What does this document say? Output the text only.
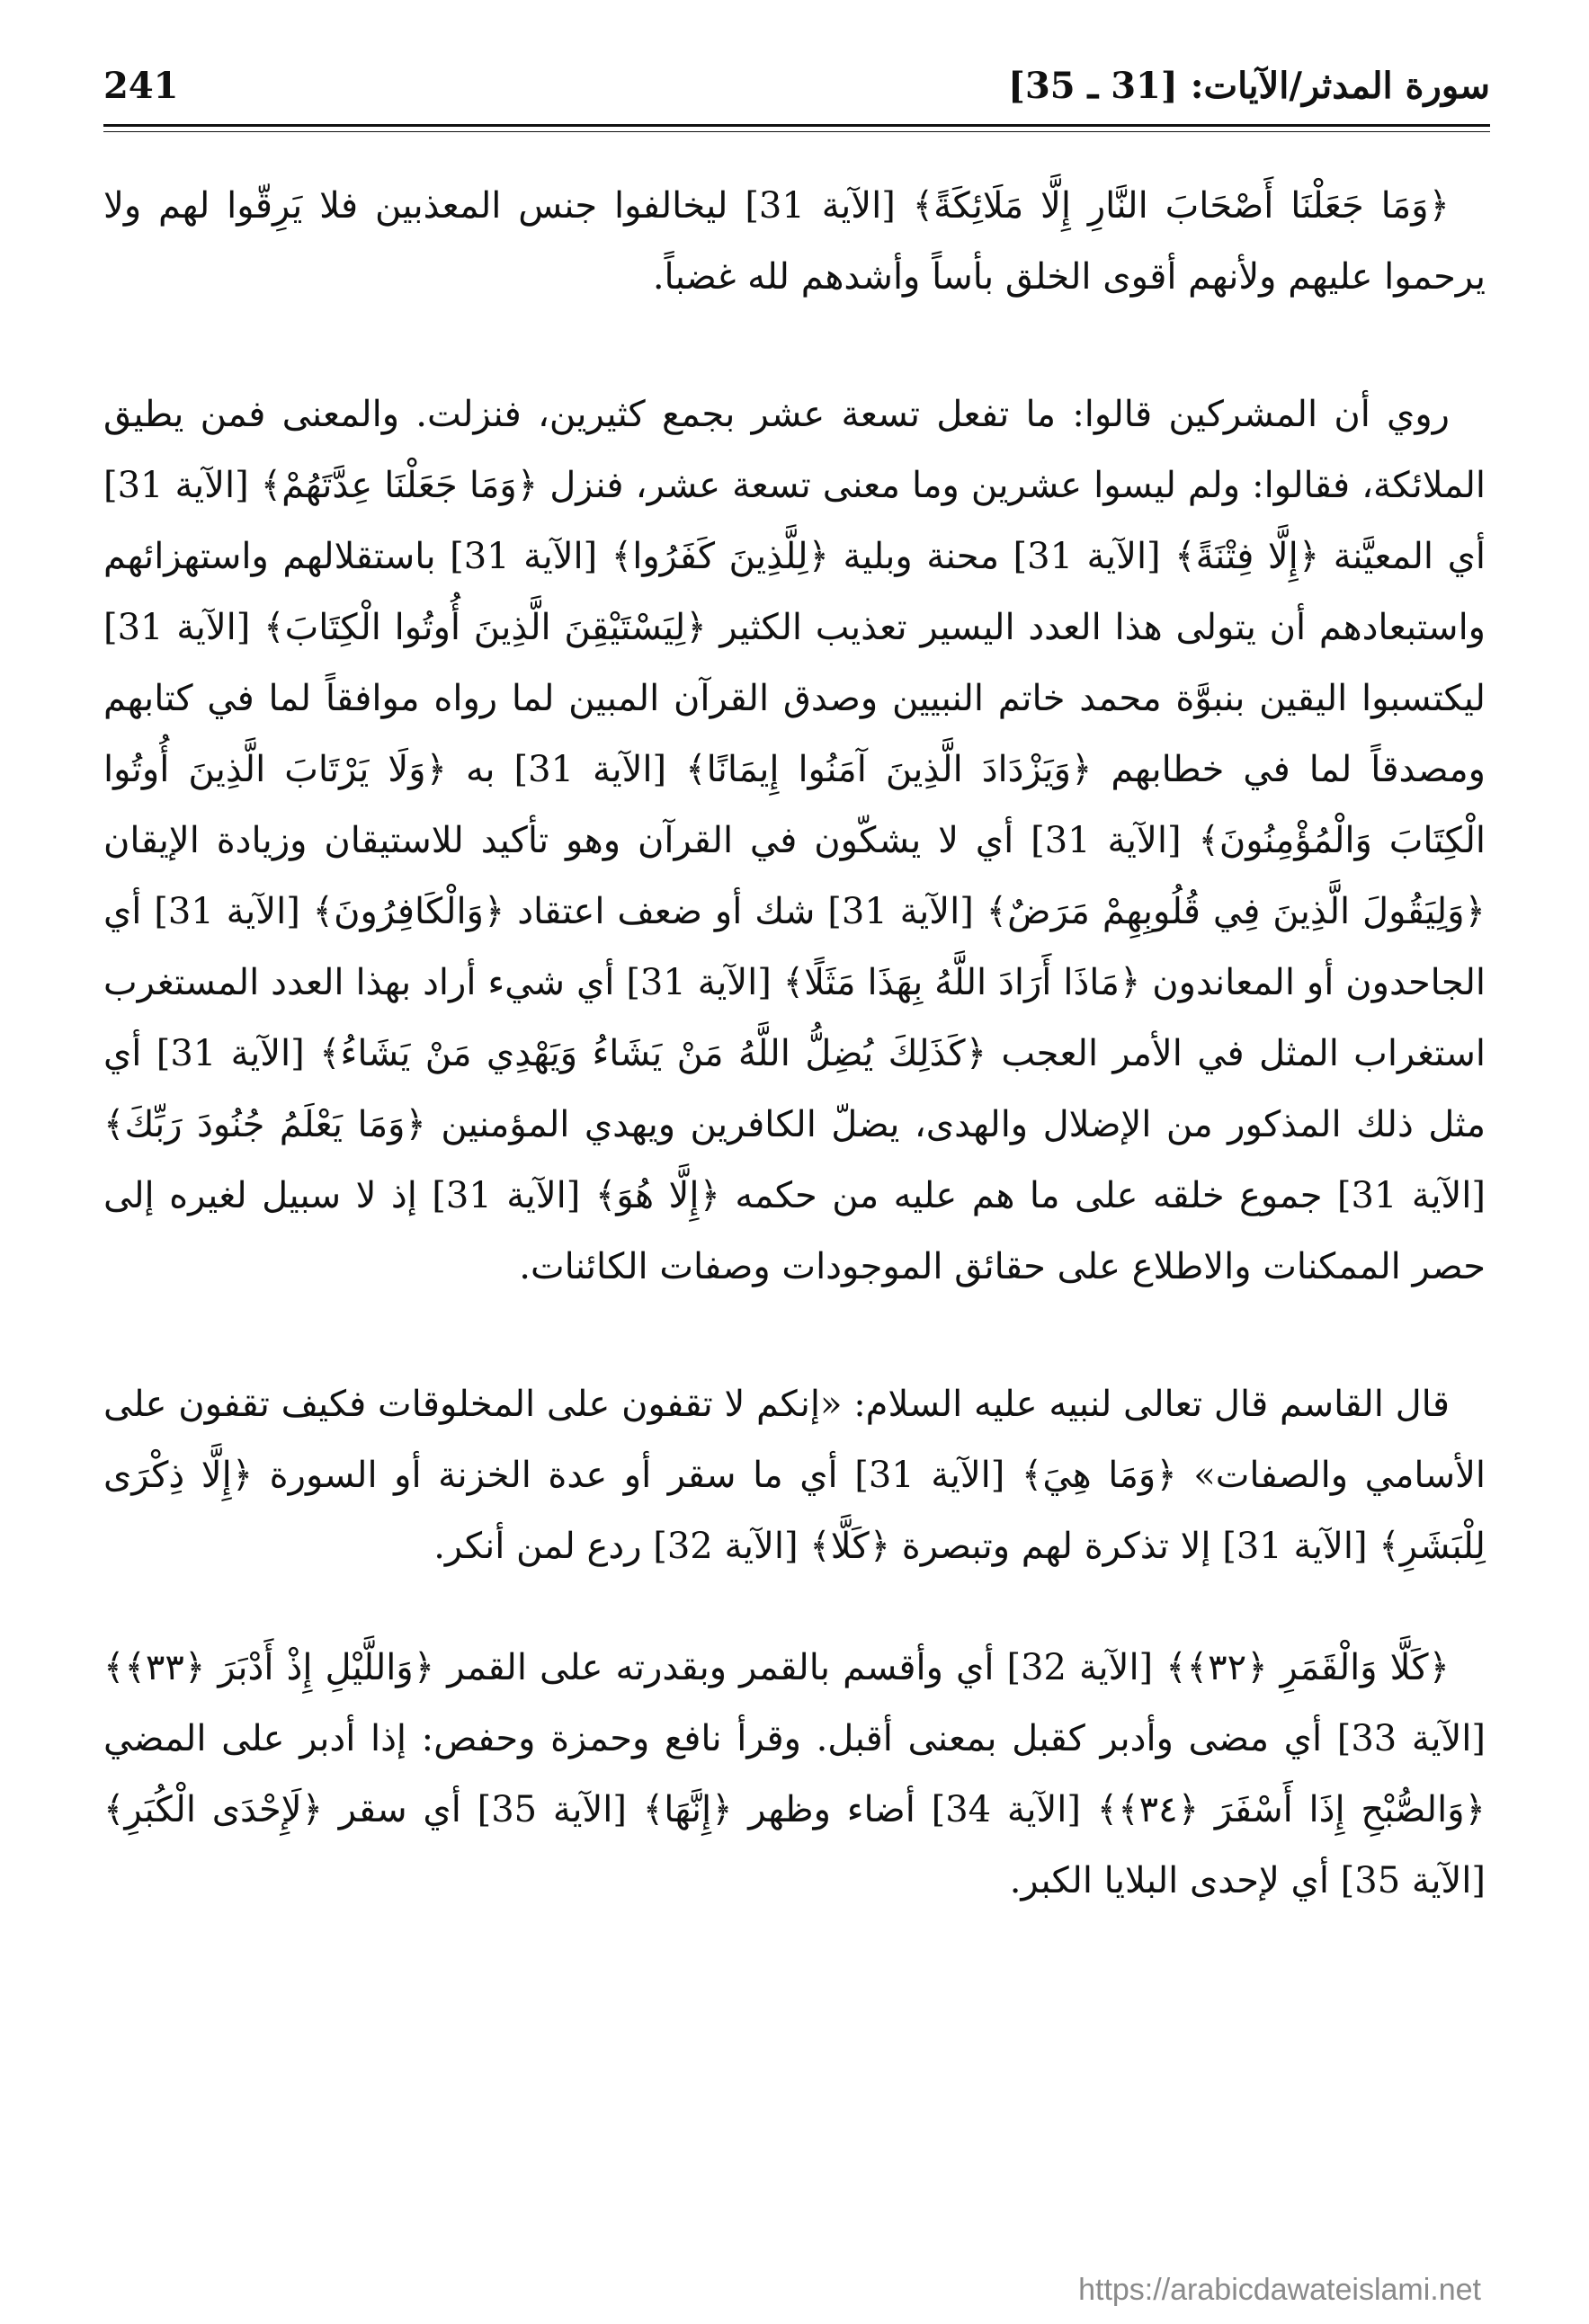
سورة المدثر/الآيات: [31 ـ 35]
241

﴿وَمَا جَعَلْنَا أَصْحَابَ النَّارِ إِلَّا مَلَائِكَةً﴾ [الآية 31] ليخالفوا جنس المعذبين فلا يَرِقّوا لهم ولا يرحموا عليهم ولأنهم أقوى الخلق بأساً وأشدهم لله غضباً.

روي أن المشركين قالوا: ما تفعل تسعة عشر بجمع كثيرين، فنزلت. والمعنى فمن يطيق الملائكة، فقالوا: ولم ليسوا عشرين وما معنى تسعة عشر، فنزل ﴿وَمَا جَعَلْنَا عِدَّتَهُمْ﴾ [الآية 31] أي المعيَّنة ﴿إِلَّا فِتْنَةً﴾ [الآية 31] محنة وبلية ﴿لِلَّذِينَ كَفَرُوا﴾ [الآية 31] باستقلالهم واستهزائهم واستبعادهم أن يتولى هذا العدد اليسير تعذيب الكثير ﴿لِيَسْتَيْقِنَ الَّذِينَ أُوتُوا الْكِتَابَ﴾ [الآية 31] ليكتسبوا اليقين بنبوَّة محمد خاتم النبيين وصدق القرآن المبين لما رواه موافقاً لما في كتابهم ومصدقاً لما في خطابهم ﴿وَيَزْدَادَ الَّذِينَ آمَنُوا إِيمَانًا﴾ [الآية 31] به ﴿وَلَا يَرْتَابَ الَّذِينَ أُوتُوا الْكِتَابَ وَالْمُؤْمِنُونَ﴾ [الآية 31] أي لا يشكّون في القرآن وهو تأكيد للاستيقان وزيادة الإيقان ﴿وَلِيَقُولَ الَّذِينَ فِي قُلُوبِهِمْ مَرَضٌ﴾ [الآية 31] شك أو ضعف اعتقاد ﴿وَالْكَافِرُونَ﴾ [الآية 31] أي الجاحدون أو المعاندون ﴿مَاذَا أَرَادَ اللَّهُ بِهَذَا مَثَلًا﴾ [الآية 31] أي شيء أراد بهذا العدد المستغرب استغراب المثل في الأمر العجب ﴿كَذَلِكَ يُضِلُّ اللَّهُ مَنْ يَشَاءُ وَيَهْدِي مَنْ يَشَاءُ﴾ [الآية 31] أي مثل ذلك المذكور من الإضلال والهدى، يضلّ الكافرين ويهدي المؤمنين ﴿وَمَا يَعْلَمُ جُنُودَ رَبِّكَ﴾ [الآية 31] جموع خلقه على ما هم عليه من حكمه ﴿إِلَّا هُوَ﴾ [الآية 31] إذ لا سبيل لغيره إلى حصر الممكنات والاطلاع على حقائق الموجودات وصفات الكائنات.

قال القاسم قال تعالى لنبيه عليه السلام: «إنكم لا تقفون على المخلوقات فكيف تقفون على الأسامي والصفات» ﴿وَمَا هِيَ﴾ [الآية 31] أي ما سقر أو عدة الخزنة أو السورة ﴿إِلَّا ذِكْرَى لِلْبَشَرِ﴾ [الآية 31] إلا تذكرة لهم وتبصرة ﴿كَلَّا﴾ [الآية 32] ردع لمن أنكر.

﴿كَلَّا وَالْقَمَرِ ﴿٣٢﴾﴾ [الآية 32] أي وأقسم بالقمر وبقدرته على القمر ﴿وَاللَّيْلِ إِذْ أَدْبَرَ ﴿٣٣﴾﴾ [الآية 33] أي مضى وأدبر كقبل بمعنى أقبل. وقرأ نافع وحمزة وحفص: إذا أدبر على المضي ﴿وَالصُّبْحِ إِذَا أَسْفَرَ ﴿٣٤﴾﴾ [الآية 34] أضاء وظهر ﴿إِنَّهَا﴾ [الآية 35] أي سقر ﴿لَإِحْدَى الْكُبَرِ﴾ [الآية 35] أي لإحدى البلايا الكبر.

https://arabicdawateislami.net
